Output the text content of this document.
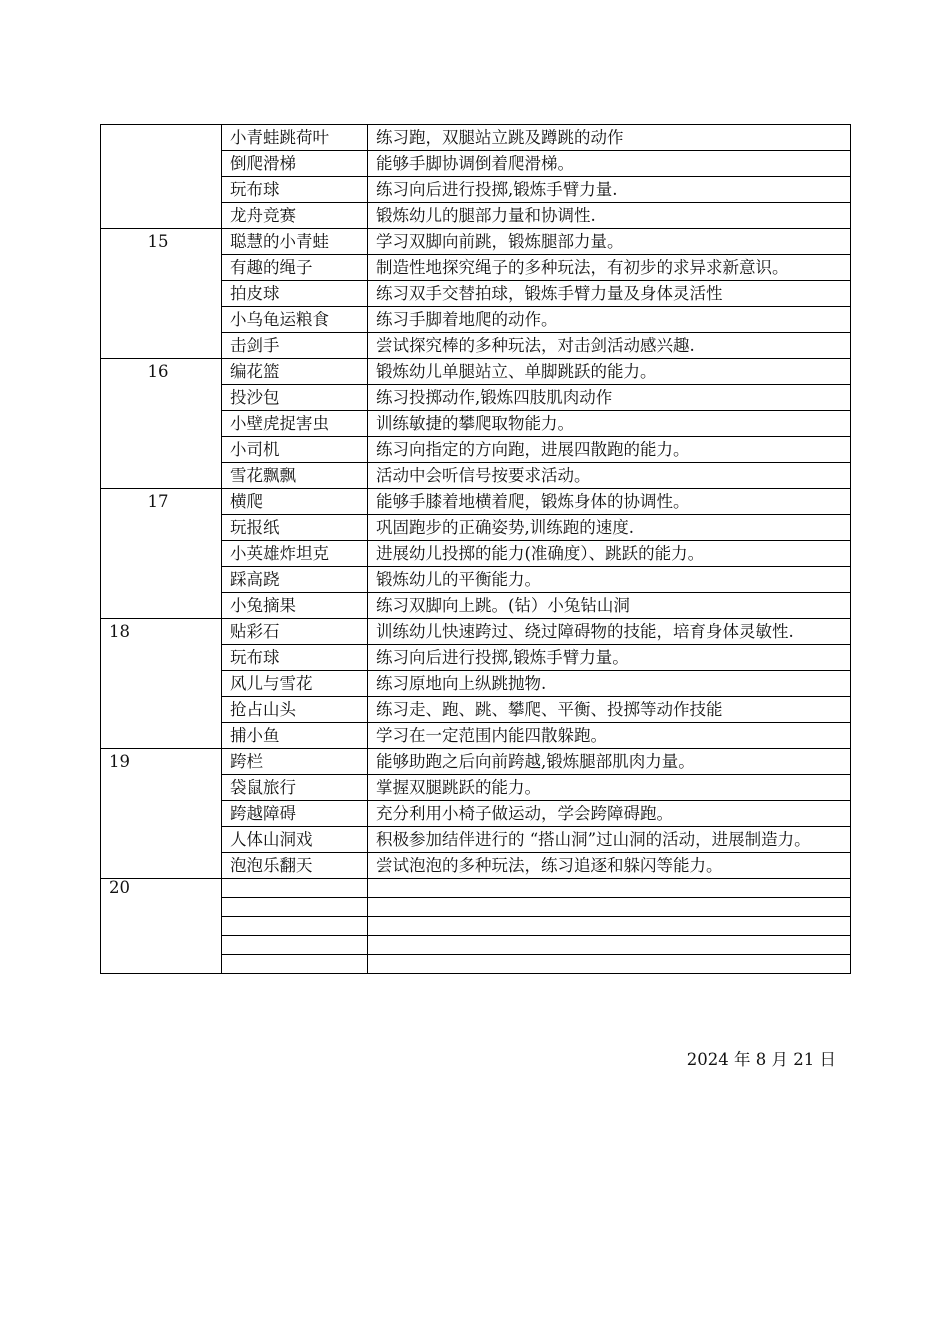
	小青蛙跳荷叶	练习跑，双腿站立跳及蹲跳的动作
	倒爬滑梯	能够手脚协调倒着爬滑梯。
	玩布球	练习向后进行投掷,锻炼手臂力量.
	龙舟竞赛	锻炼幼儿的腿部力量和协调性.

15	聪慧的小青蛙	学习双脚向前跳，锻炼腿部力量。
	有趣的绳子	制造性地探究绳子的多种玩法，有初步的求异求新意识。
	拍皮球	练习双手交替拍球，锻炼手臂力量及身体灵活性
	小乌龟运粮食	练习手脚着地爬的动作。
	击剑手	尝试探究棒的多种玩法，对击剑活动感兴趣.

16	编花篮	锻炼幼儿单腿站立、单脚跳跃的能力。
	投沙包	练习投掷动作,锻炼四肢肌肉动作
	小壁虎捉害虫	训练敏捷的攀爬取物能力。
	小司机	练习向指定的方向跑，进展四散跑的能力。
	雪花飘飘	活动中会听信号按要求活动。

17	横爬	能够手膝着地横着爬，锻炼身体的协调性。
	玩报纸	巩固跑步的正确姿势,训练跑的速度.
	小英雄炸坦克	进展幼儿投掷的能力(准确度）、跳跃的能力。
	踩高跷	锻炼幼儿的平衡能力。
	小兔摘果	练习双脚向上跳。(钻）小兔钻山洞

18	贴彩石	训练幼儿快速跨过、绕过障碍物的技能，培育身体灵敏性.
	玩布球	练习向后进行投掷,锻炼手臂力量。
	风儿与雪花	练习原地向上纵跳抛物.
	抢占山头	练习走、跑、跳、攀爬、平衡、投掷等动作技能
	捕小鱼	学习在一定范围内能四散躲跑。

19	跨栏	能够助跑之后向前跨越,锻炼腿部肌肉力量。
	袋鼠旅行	掌握双腿跳跃的能力。
	跨越障碍	充分利用小椅子做运动，学会跨障碍跑。
	人体山洞戏	积极参加结伴进行的 “搭山洞”过山洞的活动，进展制造力。
	泡泡乐翻天	尝试泡泡的多种玩法，练习追逐和躲闪等能力。

20		

2024 年 8 月 21 日
